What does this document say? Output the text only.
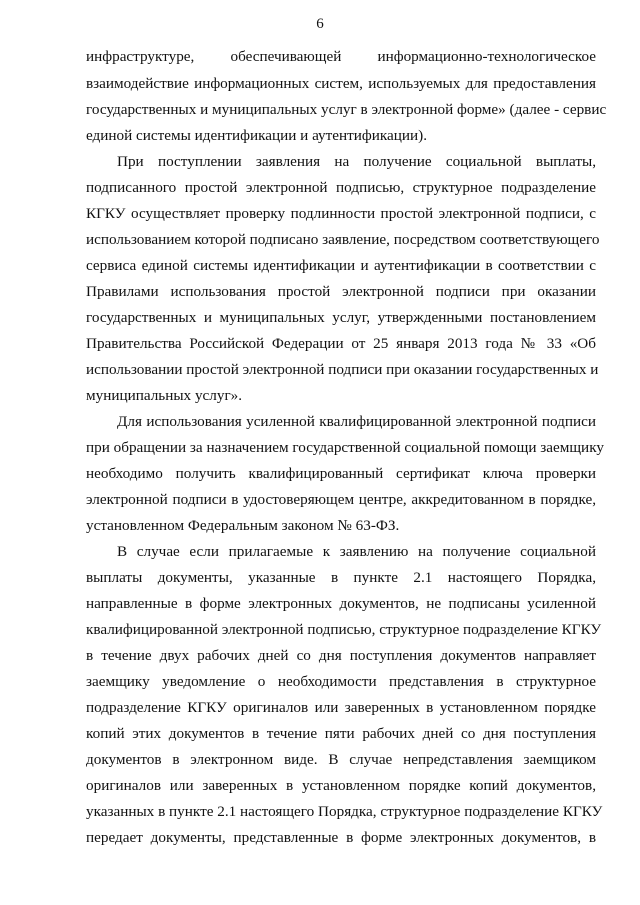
6
инфраструктуре, обеспечивающей информационно-технологическое
взаимодействие информационных систем, используемых для предоставления
государственных и муниципальных услуг в электронной форме» (далее - сервис
единой системы идентификации и аутентификации).
При поступлении заявления на получение социальной выплаты,
подписанного простой электронной подписью, структурное подразделение
КГКУ осуществляет проверку подлинности простой электронной подписи, с
использованием которой подписано заявление, посредством соответствующего
сервиса единой системы идентификации и аутентификации в соответствии с
Правилами использования простой электронной подписи при оказании
государственных и муниципальных услуг, утвержденными постановлением
Правительства Российской Федерации от 25 января 2013 года № 33 «Об
использовании простой электронной подписи при оказании государственных и
муниципальных услуг».
Для использования усиленной квалифицированной электронной подписи
при обращении за назначением государственной социальной помощи заемщику
необходимо получить квалифицированный сертификат ключа проверки
электронной подписи в удостоверяющем центре, аккредитованном в порядке,
установленном Федеральным законом № 63-ФЗ.
В случае если прилагаемые к заявлению на получение социальной
выплаты документы, указанные в пункте 2.1 настоящего Порядка,
направленные в форме электронных документов, не подписаны усиленной
квалифицированной электронной подписью, структурное подразделение КГКУ
в течение двух рабочих дней со дня поступления документов направляет
заемщику уведомление о необходимости представления в структурное
подразделение КГКУ оригиналов или заверенных в установленном порядке
копий этих документов в течение пяти рабочих дней со дня поступления
документов в электронном виде. В случае непредставления заемщиком
оригиналов или заверенных в установленном порядке копий документов,
указанных в пункте 2.1 настоящего Порядка, структурное подразделение КГКУ
передает документы, представленные в форме электронных документов, в
